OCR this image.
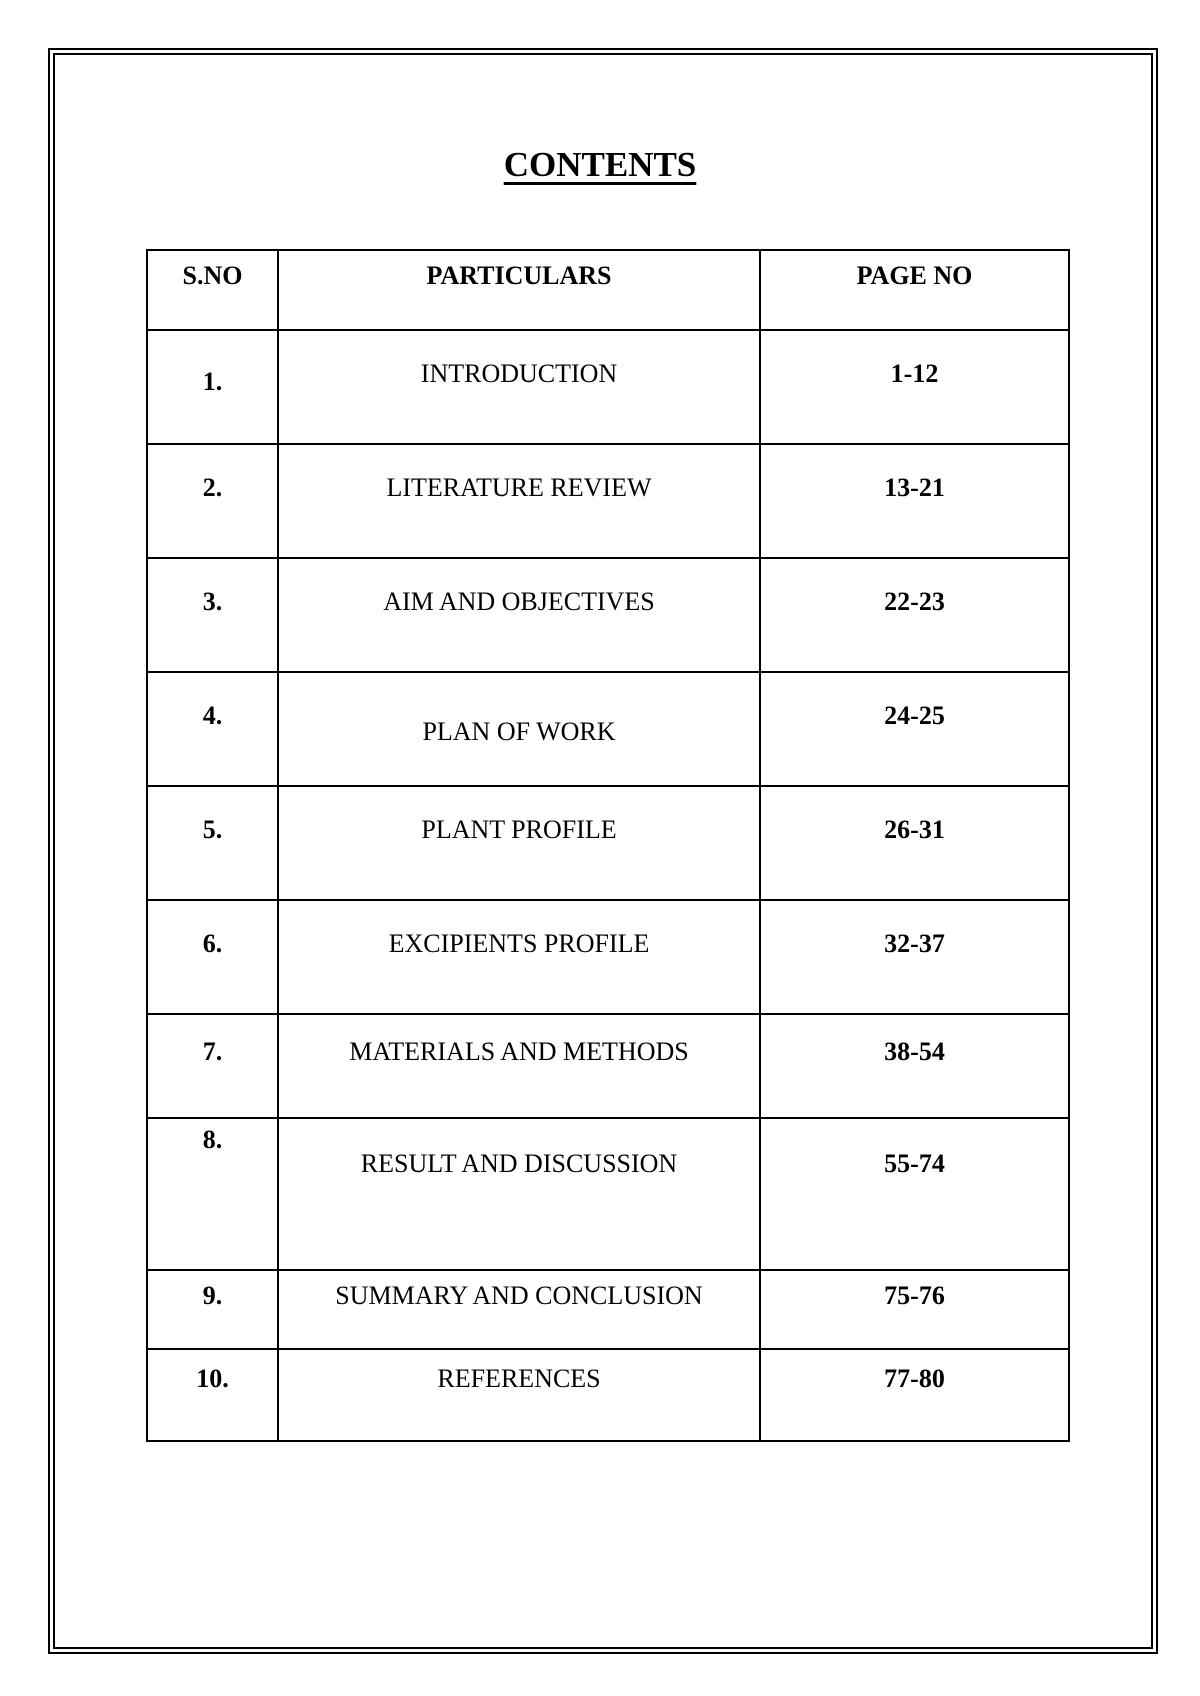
CONTENTS
S.NO	PARTICULARS	PAGE NO
1.	INTRODUCTION	1-12
2.	LITERATURE REVIEW	13-21
3.	AIM AND OBJECTIVES	22-23
4.	PLAN OF WORK	24-25
5.	PLANT PROFILE	26-31
6.	EXCIPIENTS PROFILE	32-37
7.	MATERIALS AND METHODS	38-54
8.	RESULT AND DISCUSSION	55-74
9.	SUMMARY AND CONCLUSION	75-76
10.	REFERENCES	77-80
